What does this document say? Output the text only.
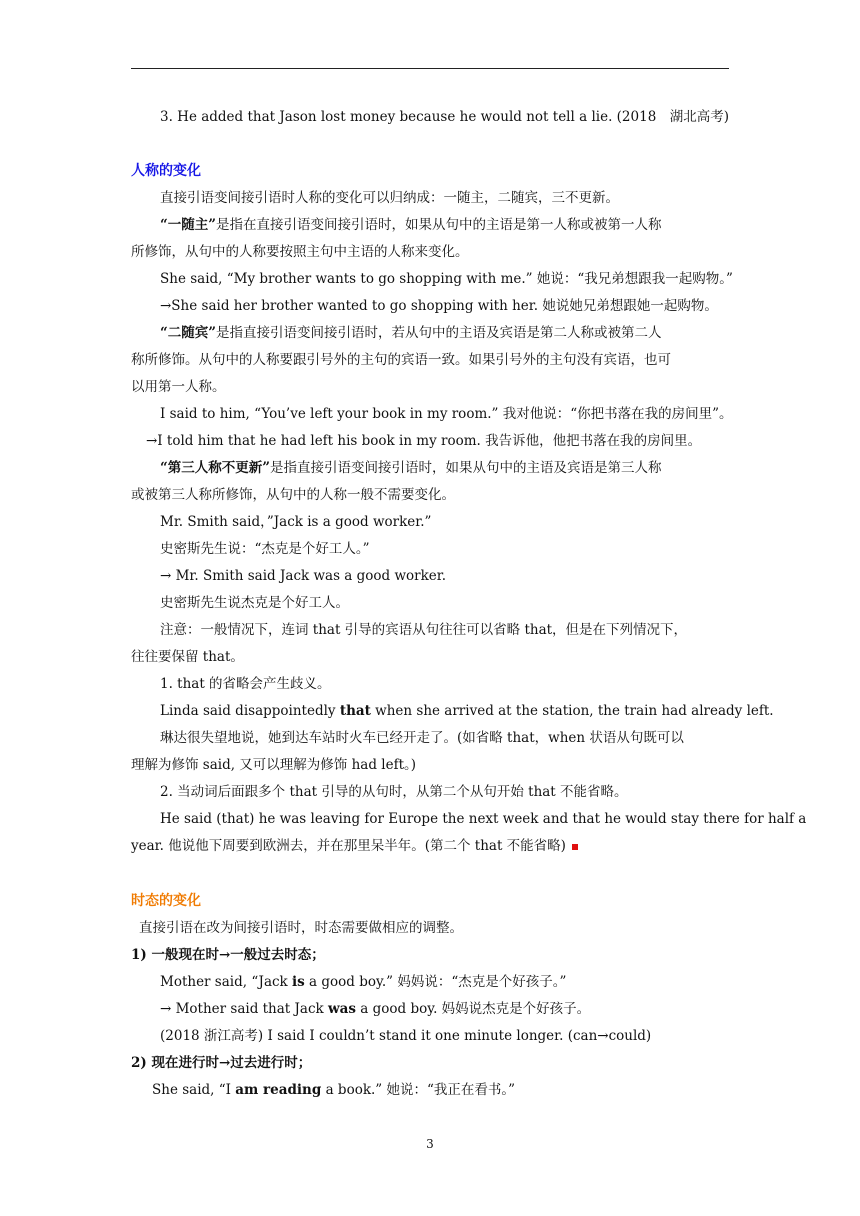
3. He added that Jason lost money because he would not tell a lie. (2018　湖北高考)
人称的变化
直接引语变间接引语时人称的变化可以归纳成：一随主，二随宾，三不更新。
“一随主”是指在直接引语变间接引语时，如果从句中的主语是第一人称或被第一人称
所修饰，从句中的人称要按照主句中主语的人称来变化。
She said, “My brother wants to go shopping with me.” 她说：“我兄弟想跟我一起购物。”
→She said her brother wanted to go shopping with her. 她说她兄弟想跟她一起购物。
“二随宾”是指直接引语变间接引语时，若从句中的主语及宾语是第二人称或被第二人
称所修饰。从句中的人称要跟引号外的主句的宾语一致。如果引号外的主句没有宾语，也可
以用第一人称。
I said to him, “You’ve left your book in my room.” 我对他说：“你把书落在我的房间里”。
→I told him that he had left his book in my room. 我告诉他，他把书落在我的房间里。
“第三人称不更新”是指直接引语变间接引语时，如果从句中的主语及宾语是第三人称
或被第三人称所修饰，从句中的人称一般不需要变化。
Mr. Smith said，”Jack is a good worker.”
史密斯先生说：“杰克是个好工人。”
→ Mr. Smith said Jack was a good worker.
史密斯先生说杰克是个好工人。
注意：一般情况下，连词 that 引导的宾语从句往往可以省略 that，但是在下列情况下，
往往要保留 that。
1. that 的省略会产生歧义。
Linda said disappointedly that when she arrived at the station, the train had already left.
琳达很失望地说，她到达车站时火车已经开走了。(如省略 that，when 状语从句既可以
理解为修饰 said, 又可以理解为修饰 had left。)
2. 当动词后面跟多个 that 引导的从句时，从第二个从句开始 that 不能省略。
He said (that) he was leaving for Europe the next week and that he would stay there for half a
year. 他说他下周要到欧洲去，并在那里呆半年。(第二个 that 不能省略)
时态的变化
直接引语在改为间接引语时，时态需要做相应的调整。
1) 一般现在时→一般过去时态；
Mother said, “Jack is a good boy.” 妈妈说：“杰克是个好孩子。”
→ Mother said that Jack was a good boy. 妈妈说杰克是个好孩子。
(2018 浙江高考) I said I couldn’t stand it one minute longer. (can→could)
2) 现在进行时→过去进行时；
She said, “I am reading a book.” 她说：“我正在看书。”
3
